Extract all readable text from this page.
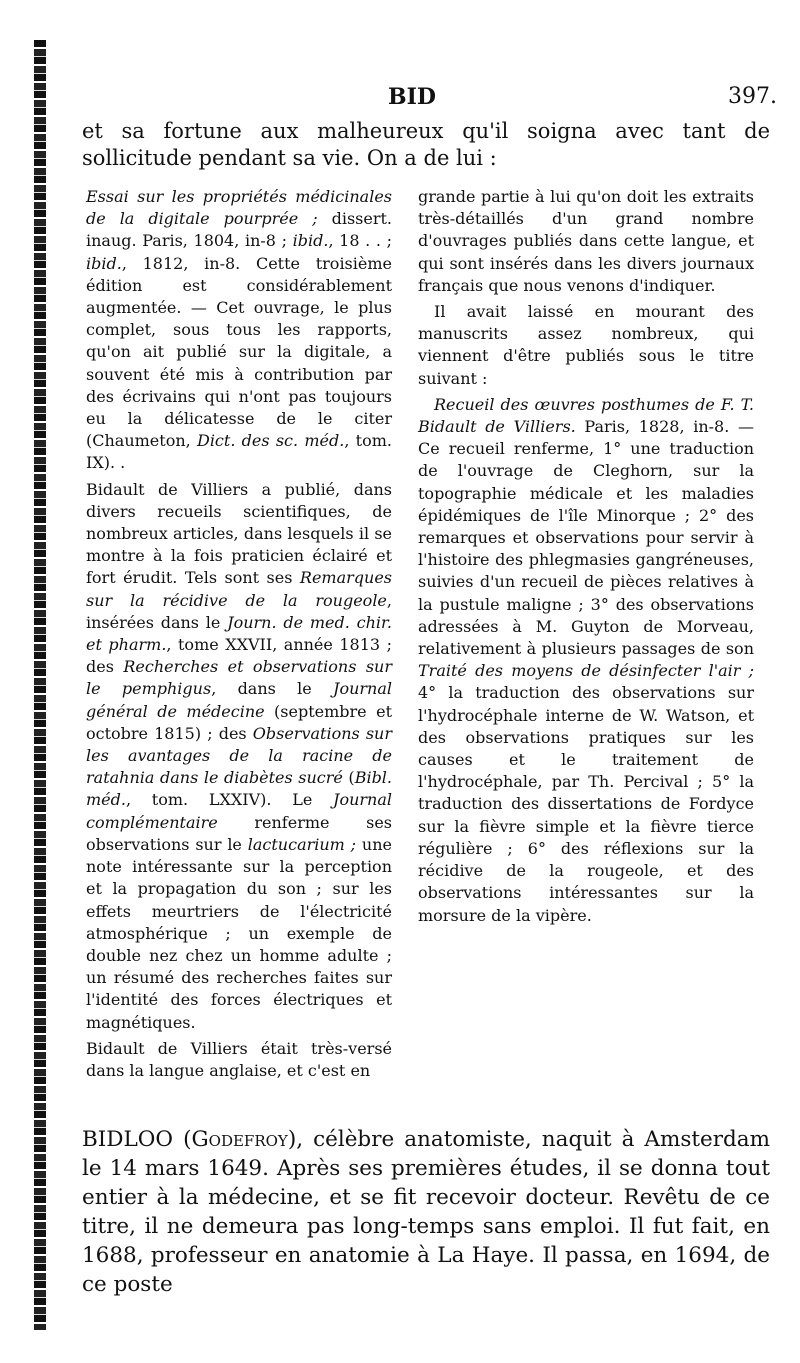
BID	397.

et sa fortune aux malheureux qu'il soigna avec tant de sollicitude pendant sa vie. On a de lui :

Essai sur les propriétés médicinales de la digitale pourprée ; dissert. inaug. Paris, 1804, in-8 ; ibid., 18 . . ; ibid., 1812, in-8. Cette troisième édition est considérablement augmentée. — Cet ouvrage, le plus complet, sous tous les rapports, qu'on ait publié sur la digitale, a souvent été mis à contribution par des écrivains qui n'ont pas toujours eu la délicatesse de le citer (Chaumeton, Dict. des sc. méd., tom. IX). .

Bidault de Villiers a publié, dans divers recueils scientifiques, de nombreux articles, dans lesquels il se montre à la fois praticien éclairé et fort érudit. Tels sont ses Remarques sur la récidive de la rougeole, insérées dans le Journ. de med. chir. et pharm., tome XXVII, année 1813 ; des Recherches et observations sur le pemphigus, dans le Journal général de médecine (septembre et octobre 1815) ; des Observations sur les avantages de la racine de ratahnia dans le diabètes sucré (Bibl. méd., tom. LXXIV). Le Journal complémentaire renferme ses observations sur le lactucarium ; une note intéressante sur la perception et la propagation du son ; sur les effets meurtriers de l'électricité atmosphérique ; un exemple de double nez chez un homme adulte ; un résumé des recherches faites sur l'identité des forces électriques et magnétiques.

Bidault de Villiers était très-versé dans la langue anglaise, et c'est en

grande partie à lui qu'on doit les extraits très-détaillés d'un grand nombre d'ouvrages publiés dans cette langue, et qui sont insérés dans les divers journaux français que nous venons d'indiquer.

Il avait laissé en mourant des manuscrits assez nombreux, qui viennent d'être publiés sous le titre suivant :

Recueil des œuvres posthumes de F. T. Bidault de Villiers. Paris, 1828, in-8. — Ce recueil renferme, 1° une traduction de l'ouvrage de Cleghorn, sur la topographie médicale et les maladies épidémiques de l'île Minorque ; 2° des remarques et observations pour servir à l'histoire des phlegmasies gangréneuses, suivies d'un recueil de pièces relatives à la pustule maligne ; 3° des observations adressées à M. Guyton de Morveau, relativement à plusieurs passages de son Traité des moyens de désinfecter l'air ; 4° la traduction des observations sur l'hydrocéphale interne de W. Watson, et des observations pratiques sur les causes et le traitement de l'hydrocéphale, par Th. Percival ; 5° la traduction des dissertations de Fordyce sur la fièvre simple et la fièvre tierce régulière ; 6° des réflexions sur la récidive de la rougeole, et des observations intéressantes sur la morsure de la vipère.

BIDLOO (Godefroy), célèbre anatomiste, naquit à Amsterdam le 14 mars 1649. Après ses premières études, il se donna tout entier à la médecine, et se fit recevoir docteur. Revêtu de ce titre, il ne demeura pas long-temps sans emploi. Il fut fait, en 1688, professeur en anatomie à La Haye. Il passa, en 1694, de ce poste
